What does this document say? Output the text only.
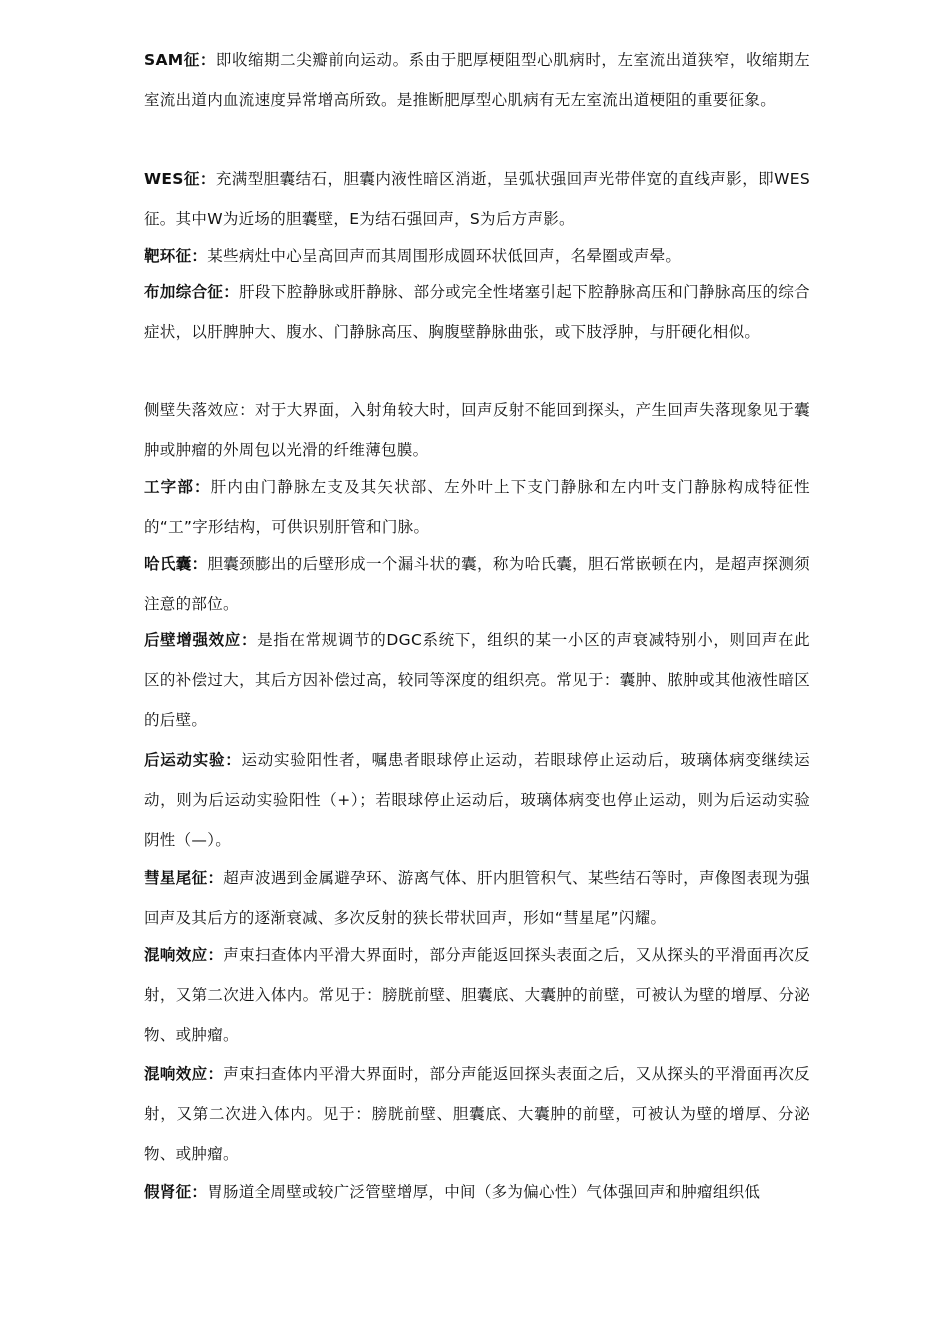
SAM征：即收缩期二尖瓣前向运动。系由于肥厚梗阻型心肌病时，左室流出道狭窄，收缩期左室流出道内血流速度异常增高所致。是推断肥厚型心肌病有无左室流出道梗阻的重要征象。

WES征：充满型胆囊结石，胆囊内液性暗区消逝，呈弧状强回声光带伴宽的直线声影，即WES征。其中W为近场的胆囊壁，E为结石强回声，S为后方声影。

靶环征：某些病灶中心呈高回声而其周围形成圆环状低回声，名晕圈或声晕。

布加综合征：肝段下腔静脉或肝静脉、部分或完全性堵塞引起下腔静脉高压和门静脉高压的综合症状，以肝脾肿大、腹水、门静脉高压、胸腹壁静脉曲张，或下肢浮肿，与肝硬化相似。

侧壁失落效应：对于大界面，入射角较大时，回声反射不能回到探头，产生回声失落现象见于囊肿或肿瘤的外周包以光滑的纤维薄包膜。

工字部：肝内由门静脉左支及其矢状部、左外叶上下支门静脉和左内叶支门静脉构成特征性的“工”字形结构，可供识别肝管和门脉。

哈氏囊：胆囊颈膨出的后壁形成一个漏斗状的囊，称为哈氏囊，胆石常嵌顿在内，是超声探测须注意的部位。

后壁增强效应：是指在常规调节的DGC系统下，组织的某一小区的声衰减特别小，则回声在此区的补偿过大，其后方因补偿过高，较同等深度的组织亮。常见于：囊肿、脓肿或其他液性暗区的后壁。

后运动实验：运动实验阳性者，嘱患者眼球停止运动，若眼球停止运动后，玻璃体病变继续运动，则为后运动实验阳性（+）；若眼球停止运动后，玻璃体病变也停止运动，则为后运动实验阴性（—）。

彗星尾征：超声波遇到金属避孕环、游离气体、肝内胆管积气、某些结石等时，声像图表现为强回声及其后方的逐渐衰减、多次反射的狭长带状回声，形如“彗星尾”闪耀。

混响效应：声束扫查体内平滑大界面时，部分声能返回探头表面之后，又从探头的平滑面再次反射，又第二次进入体内。常见于：膀胱前壁、胆囊底、大囊肿的前壁，可被认为壁的增厚、分泌物、或肿瘤。

混响效应：声束扫查体内平滑大界面时，部分声能返回探头表面之后，又从探头的平滑面再次反射，又第二次进入体内。见于：膀胱前壁、胆囊底、大囊肿的前壁，可被认为壁的增厚、分泌物、或肿瘤。

假肾征：胃肠道全周壁或较广泛管壁增厚，中间（多为偏心性）气体强回声和肿瘤组织低
